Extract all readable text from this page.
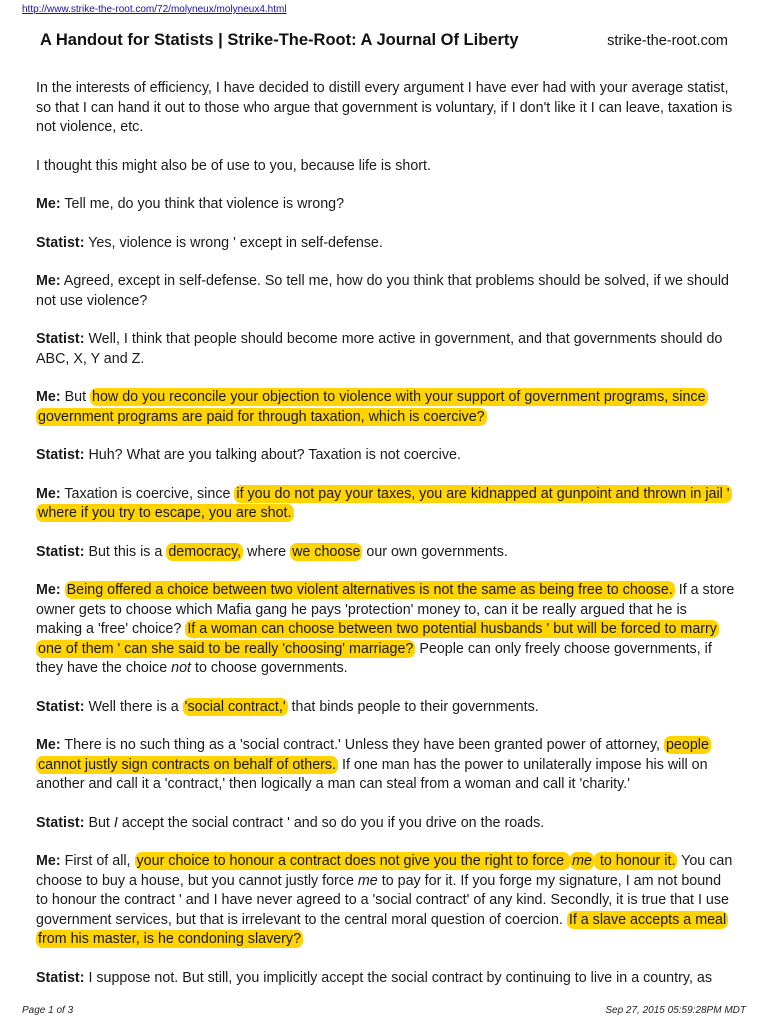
http://www.strike-the-root.com/72/molyneux/molyneux4.html
A Handout for Statists | Strike-The-Root: A Journal Of Liberty	strike-the-root.com

In the interests of efficiency, I have decided to distill every argument I have ever had with your average statist, so that I can hand it out to those who argue that government is voluntary, if I don't like it I can leave, taxation is not violence, etc.

I thought this might also be of use to you, because life is short.

Me: Tell me, do you think that violence is wrong?

Statist: Yes, violence is wrong ' except in self-defense.

Me: Agreed, except in self-defense. So tell me, how do you think that problems should be solved, if we should not use violence?

Statist: Well, I think that people should become more active in government, and that governments should do ABC, X, Y and Z.

Me: But how do you reconcile your objection to violence with your support of government programs, since government programs are paid for through taxation, which is coercive?

Statist: Huh? What are you talking about? Taxation is not coercive.

Me: Taxation is coercive, since if you do not pay your taxes, you are kidnapped at gunpoint and thrown in jail ' where if you try to escape, you are shot.

Statist: But this is a democracy, where we choose our own governments.

Me: Being offered a choice between two violent alternatives is not the same as being free to choose. If a store owner gets to choose which Mafia gang he pays 'protection' money to, can it be really argued that he is making a 'free' choice? If a woman can choose between two potential husbands ' but will be forced to marry one of them ' can she said to be really 'choosing' marriage? People can only freely choose governments, if they have the choice not to choose governments.

Statist: Well there is a 'social contract,' that binds people to their governments.

Me: There is no such thing as a 'social contract.' Unless they have been granted power of attorney, people cannot justly sign contracts on behalf of others. If one man has the power to unilaterally impose his will on another and call it a 'contract,' then logically a man can steal from a woman and call it 'charity.'

Statist: But I accept the social contract ' and so do you if you drive on the roads.

Me: First of all, your choice to honour a contract does not give you the right to force me to honour it. You can choose to buy a house, but you cannot justly force me to pay for it. If you forge my signature, I am not bound to honour the contract ' and I have never agreed to a 'social contract' of any kind. Secondly, it is true that I use government services, but that is irrelevant to the central moral question of coercion. If a slave accepts a meal from his master, is he condoning slavery?

Statist: I suppose not. But still, you implicitly accept the social contract by continuing to live in a country, as

Page 1 of 3	Sep 27, 2015 05:59:28PM MDT
